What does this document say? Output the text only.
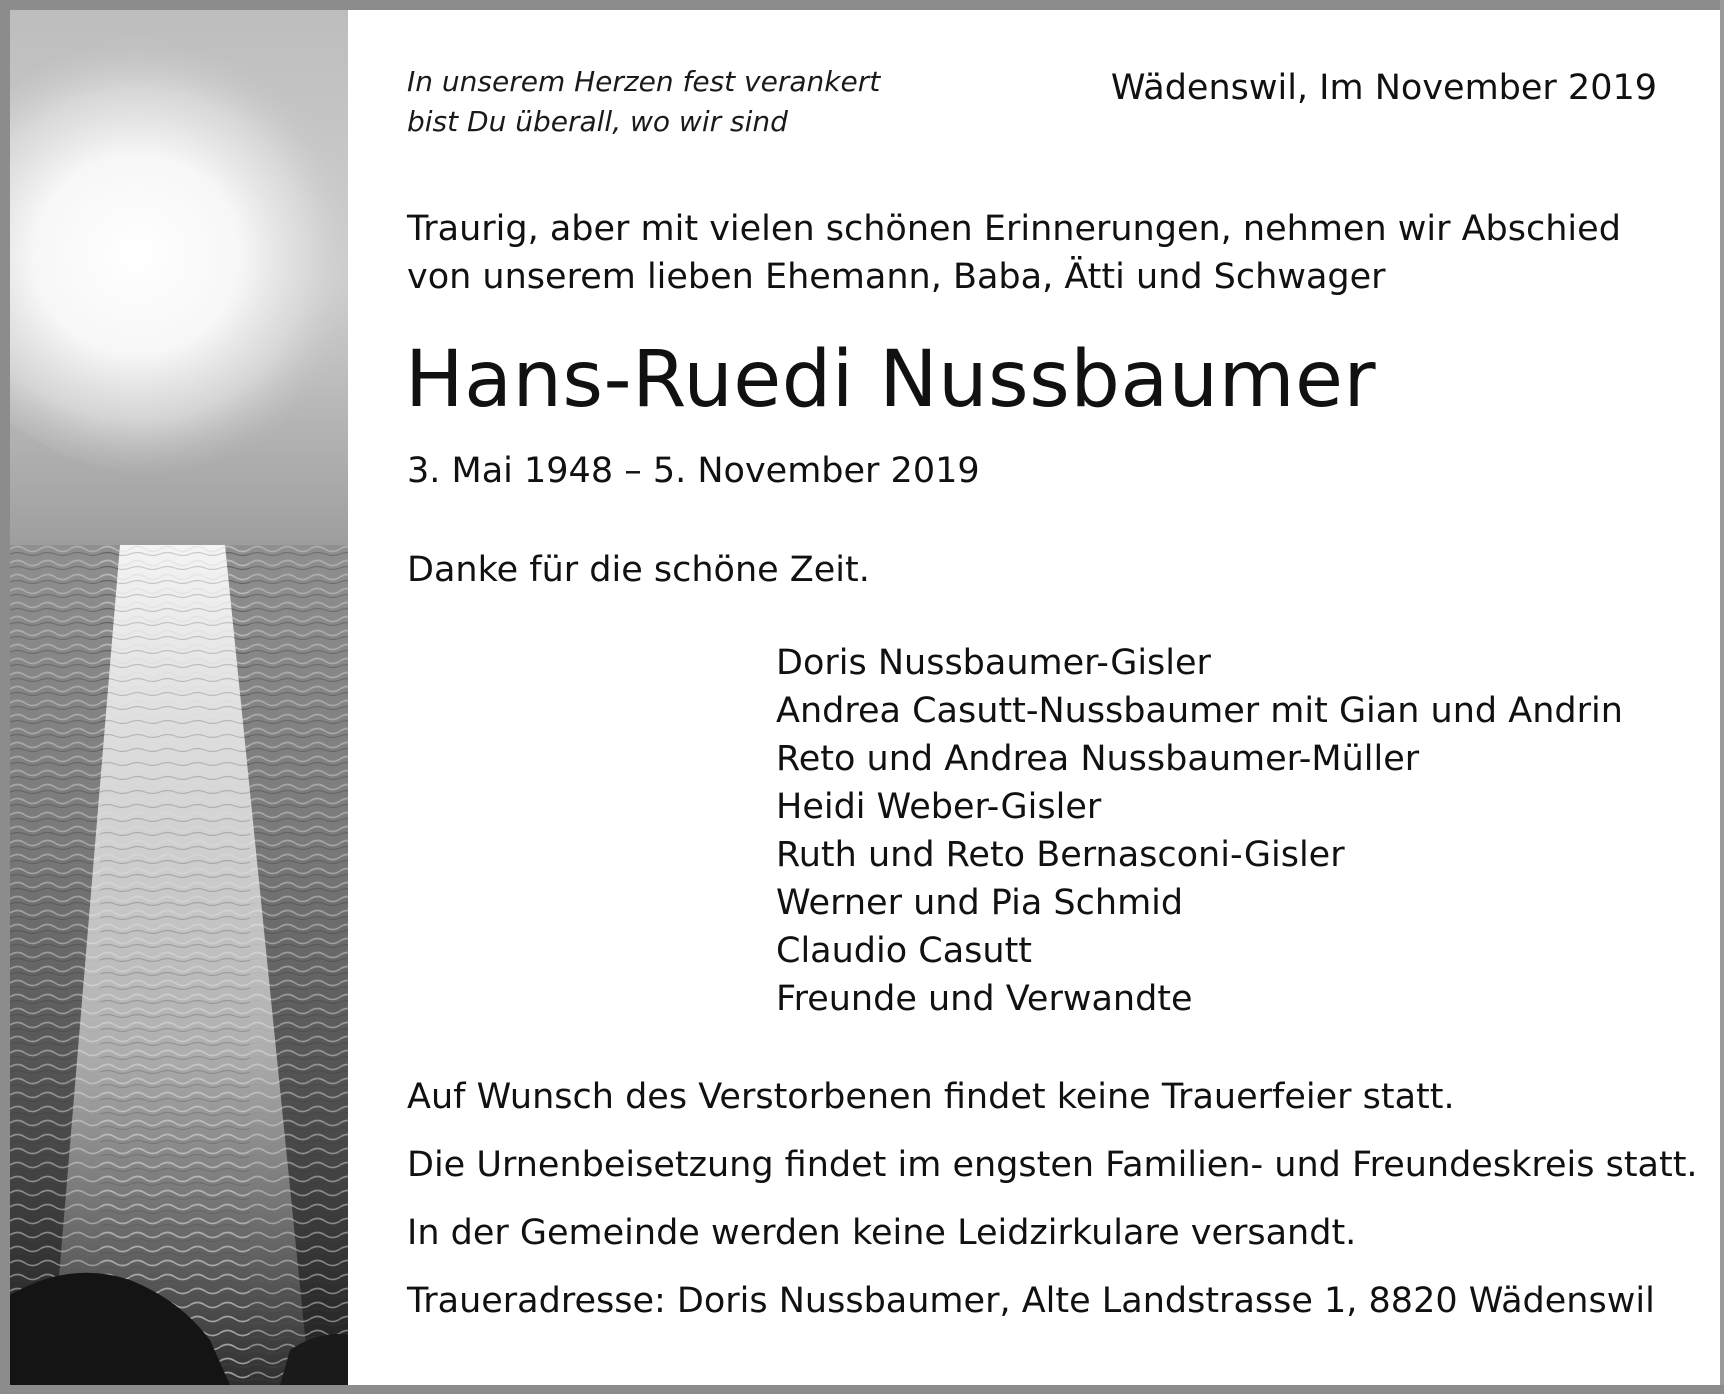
In unserem Herzen fest verankert
bist Du überall, wo wir sind
Wädenswil, Im November 2019
Traurig, aber mit vielen schönen Erinnerungen, nehmen wir Abschied
von unserem lieben Ehemann, Baba, Ätti und Schwager
Hans-Ruedi Nussbaumer
3. Mai 1948 – 5. November 2019
Danke für die schöne Zeit.
Doris Nussbaumer-Gisler
Andrea Casutt-Nussbaumer mit Gian und Andrin
Reto und Andrea Nussbaumer-Müller
Heidi Weber-Gisler
Ruth und Reto Bernasconi-Gisler
Werner und Pia Schmid
Claudio Casutt
Freunde und Verwandte
Auf Wunsch des Verstorbenen findet keine Trauerfeier statt.
Die Urnenbeisetzung findet im engsten Familien- und Freundeskreis statt.
In der Gemeinde werden keine Leidzirkulare versandt.
Traueradresse: Doris Nussbaumer, Alte Landstrasse 1, 8820 Wädenswil
